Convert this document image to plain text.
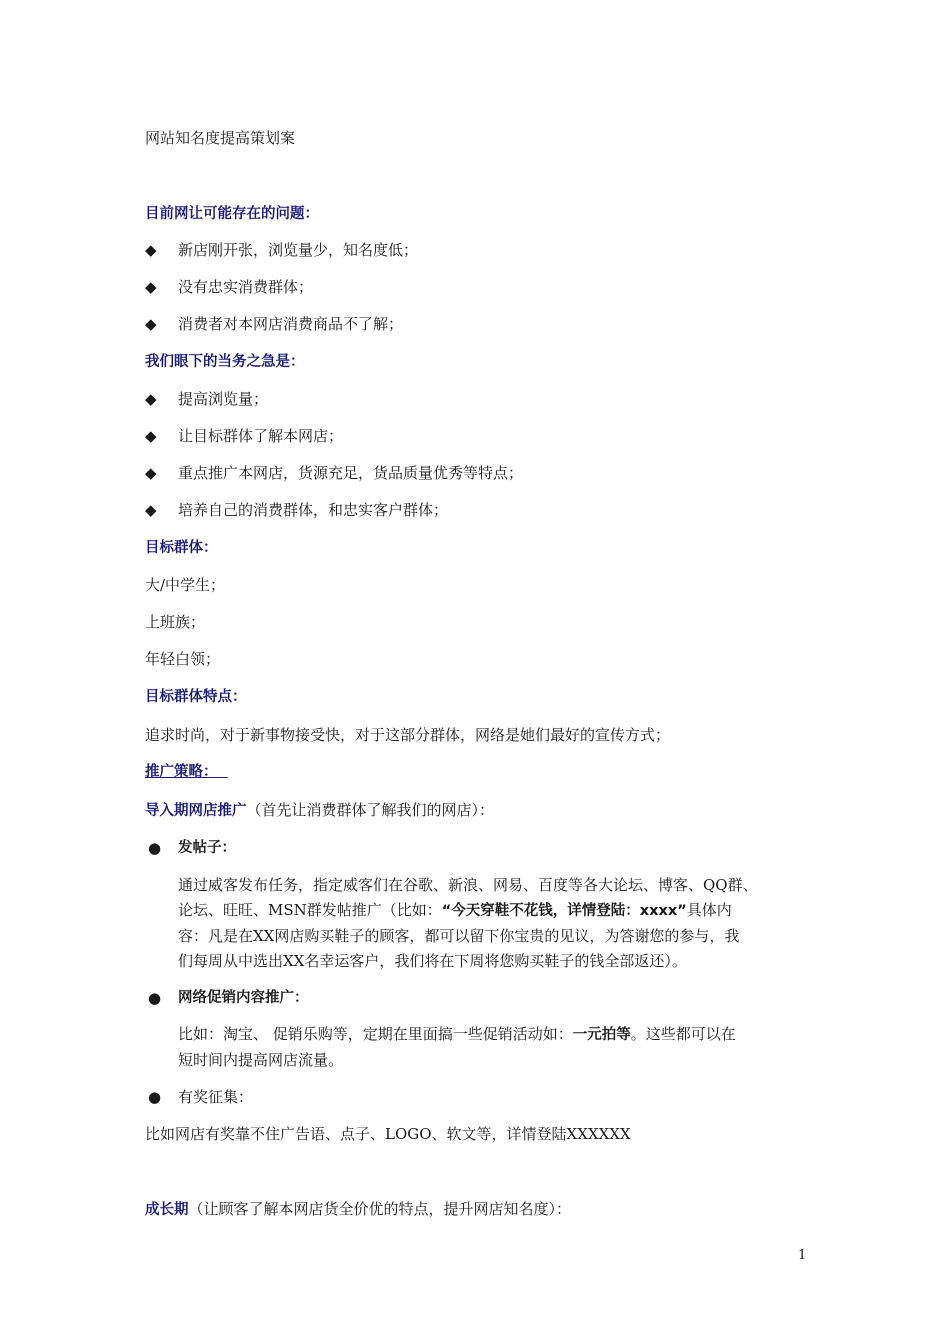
网站知名度提高策划案
目前网让可能存在的问题：
◆ 新店刚开张，浏览量少，知名度低；
◆ 没有忠实消费群体；
◆ 消费者对本网店消费商品不了解；
我们眼下的当务之急是：
◆ 提高浏览量；
◆ 让目标群体了解本网店；
◆ 重点推广本网店，货源充足，货品质量优秀等特点；
◆ 培养自己的消费群体，和忠实客户群体；
目标群体：
大/中学生；
上班族；
年轻白领；
目标群体特点：
追求时尚，对于新事物接受快，对于这部分群体，网络是她们最好的宣传方式；
推广策略：
导入期网店推广（首先让消费群体了解我们的网店）：
● 发帖子：

通过威客发布任务，指定威客们在谷歌、新浪、网易、百度等各大论坛、博客、QQ群、

论坛、旺旺、MSN群发帖推广（比如：“今天穿鞋不花钱，详情登陆：xxxx”具体内

容：凡是在XX网店购买鞋子的顾客，都可以留下你宝贵的见议，为答谢您的参与，我

们每周从中选出XX名幸运客户，我们将在下周将您购买鞋子的钱全部返还）。

● 网络促销内容推广：

比如：淘宝、 促销乐购等，定期在里面搞一些促销活动如：一元拍等。这些都可以在

短时间内提高网店流量。

● 有奖征集：
比如网店有奖靠不住广告语、点子、LOGO、软文等，详情登陆XXXXXX
成长期（让顾客了解本网店货全价优的特点，提升网店知名度）：
1
